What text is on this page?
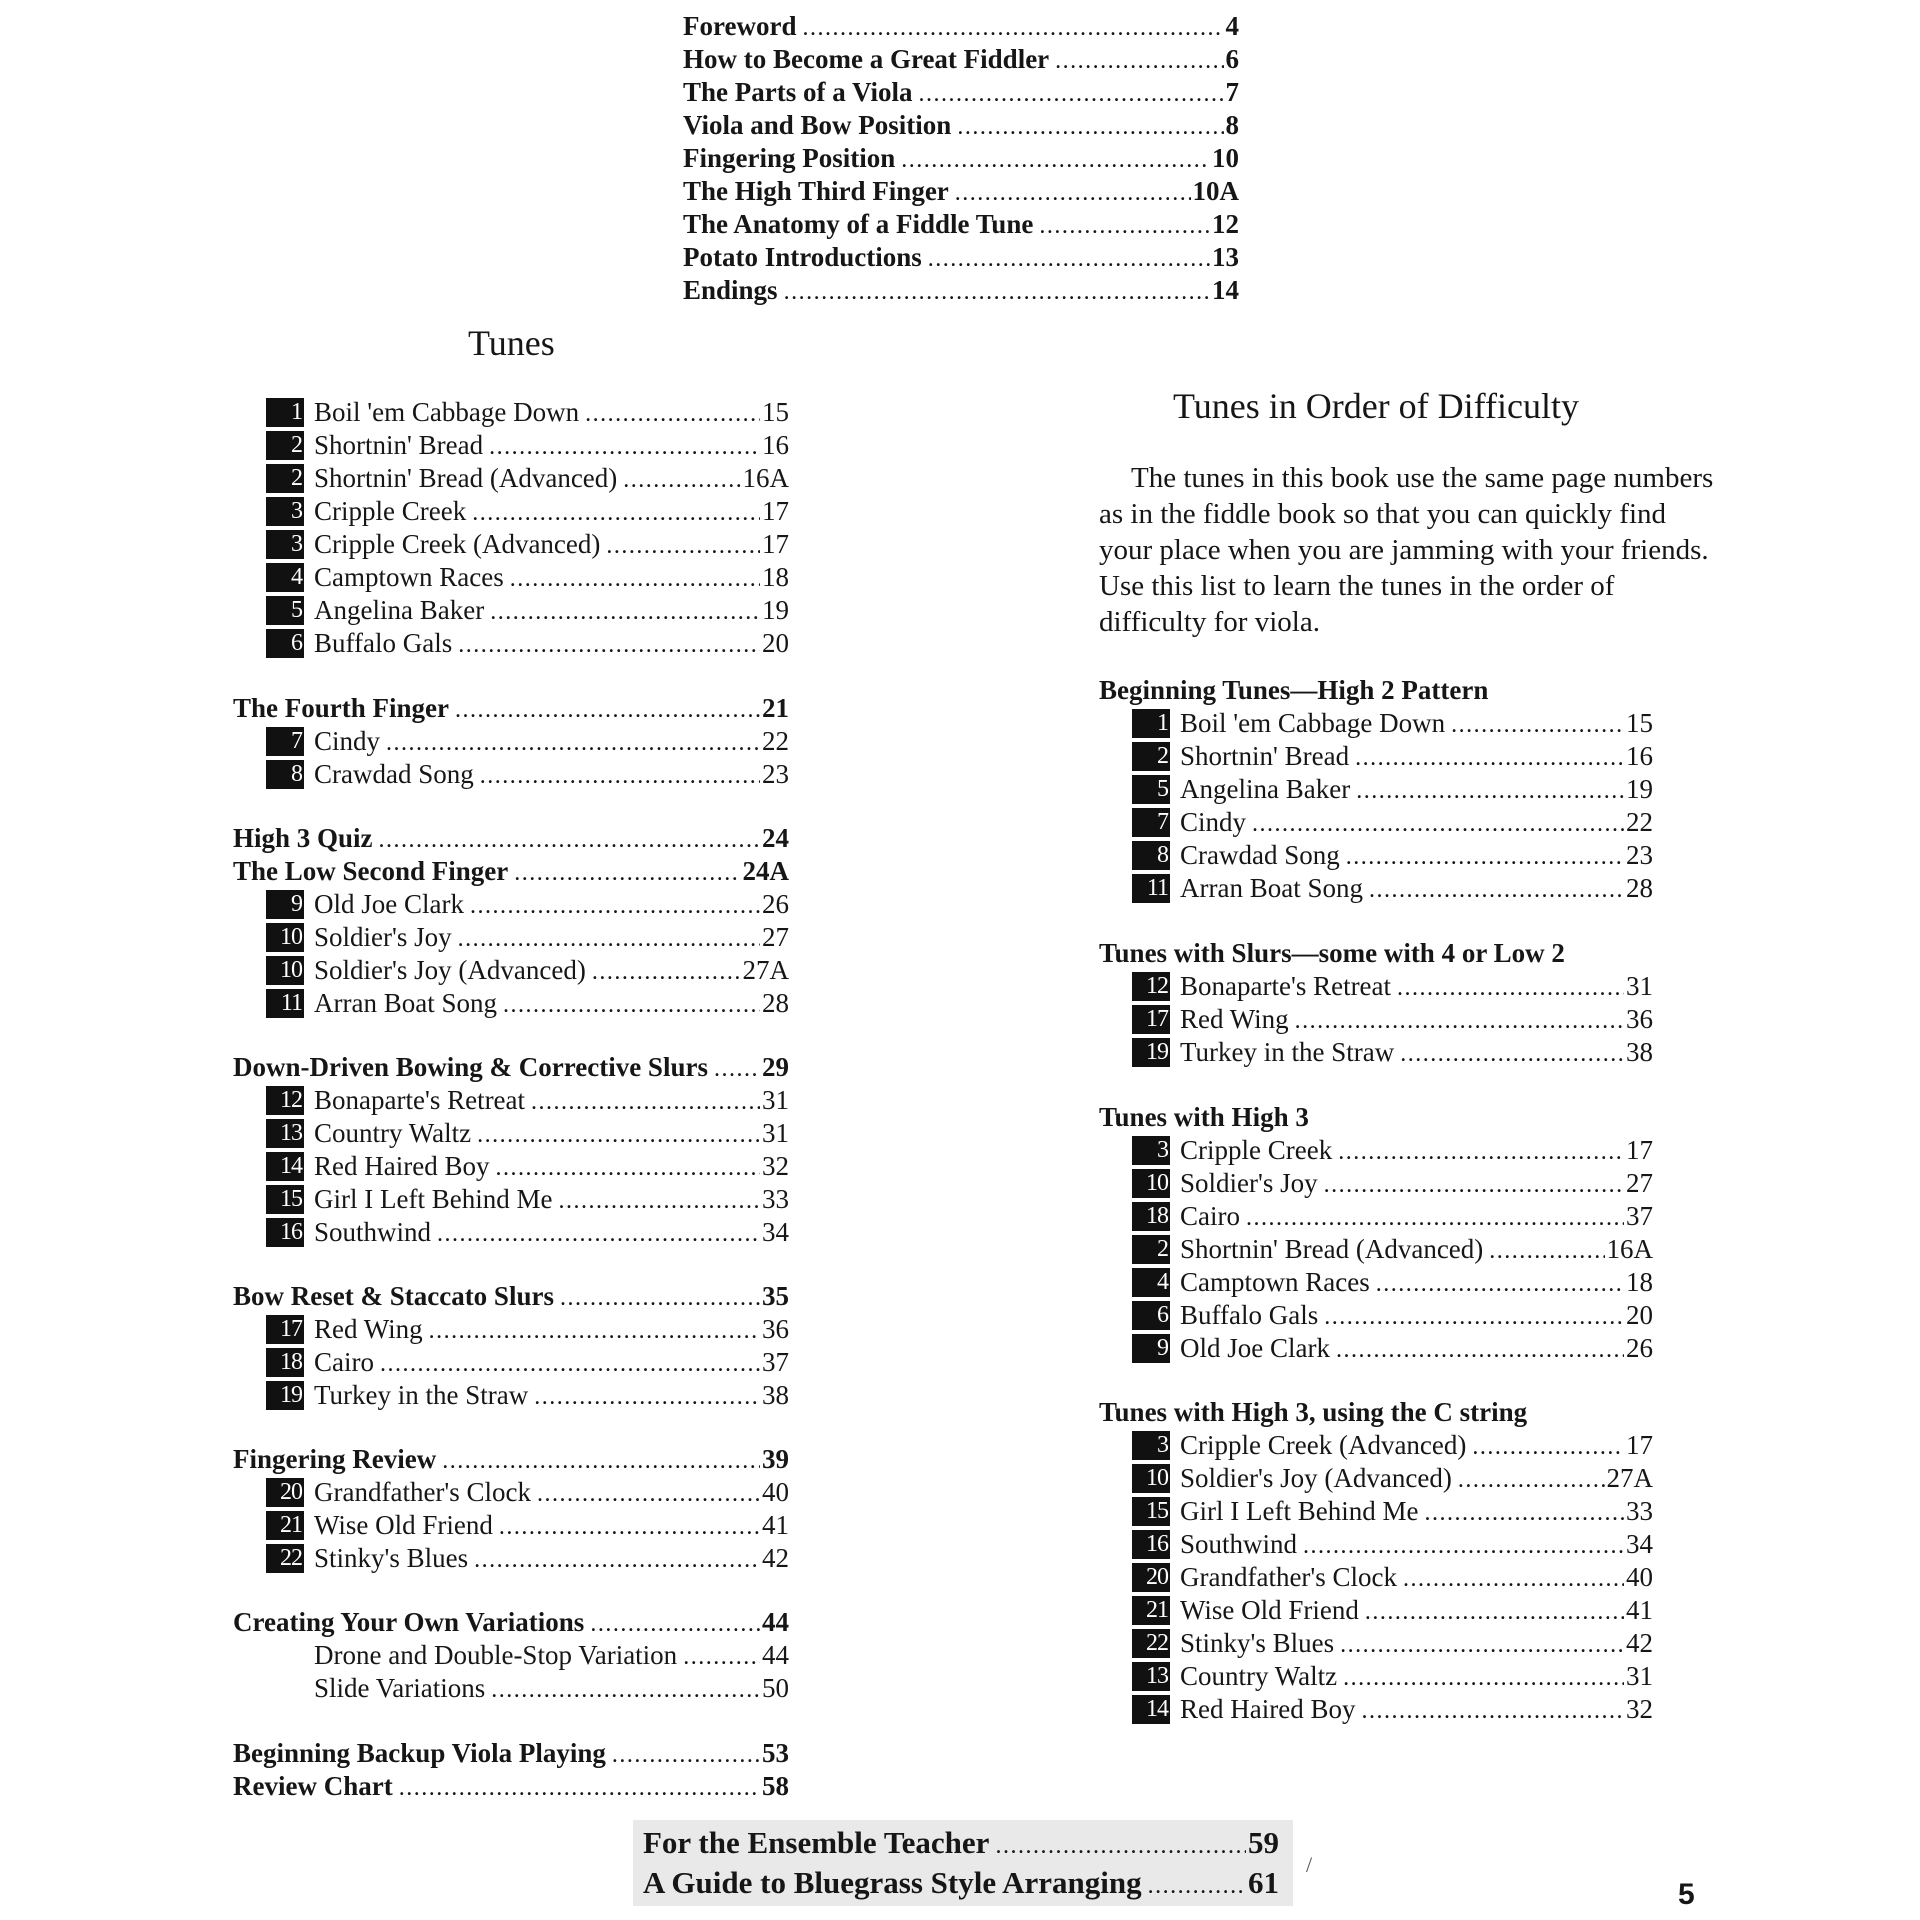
Foreword .....	4
How to Become a Great Fiddler .....	6
The Parts of a Viola .....	7
Viola and Bow Position .....	8
Fingering Position .....	10
The High Third Finger .....	10A
The Anatomy of a Fiddle Tune .....	12
Potato Introductions .....	13
Endings .....	14
Tunes
1 Boil 'em Cabbage Down .....	15
2 Shortnin' Bread .....	16
2 Shortnin' Bread (Advanced) .....	16A
3 Cripple Creek .....	17
3 Cripple Creek (Advanced) .....	17
4 Camptown Races .....	18
5 Angelina Baker .....	19
6 Buffalo Gals .....	20
The Fourth Finger .....	21
7 Cindy .....	22
8 Crawdad Song .....	23
High 3 Quiz .....	24
The Low Second Finger .....	24A
9 Old Joe Clark .....	26
10 Soldier's Joy .....	27
10 Soldier's Joy (Advanced) .....	27A
11 Arran Boat Song .....	28
Down-Driven Bowing & Corrective Slurs ..... 29
12 Bonaparte's Retreat .....	31
13 Country Waltz .....	31
14 Red Haired Boy .....	32
15 Girl I Left Behind Me .....	33
16 Southwind .....	34
Bow Reset & Staccato Slurs .....	35
17 Red Wing .....	36
18 Cairo .....	37
19 Turkey in the Straw .....	38
Fingering Review .....	39
20 Grandfather's Clock .....	40
21 Wise Old Friend .....	41
22 Stinky's Blues .....	42
Creating Your Own Variations .....	44
Drone and Double-Stop Variation .....	44
Slide Variations .....	50
Beginning Backup Viola Playing .....	53
Review Chart .....	58
Tunes in Order of Difficulty
The tunes in this book use the same page numbers as in the fiddle book so that you can quickly find your place when you are jamming with your friends. Use this list to learn the tunes in the order of difficulty for viola.
Beginning Tunes—High 2 Pattern
1 Boil 'em Cabbage Down .....	15
2 Shortnin' Bread .....	16
5 Angelina Baker .....	19
7 Cindy .....	22
8 Crawdad Song .....	23
11 Arran Boat Song .....	28
Tunes with Slurs—some with 4 or Low 2
12 Bonaparte's Retreat .....	31
17 Red Wing .....	36
19 Turkey in the Straw .....	38
Tunes with High 3
3 Cripple Creek .....	17
10 Soldier's Joy .....	27
18 Cairo .....	37
2 Shortnin' Bread (Advanced) .....	16A
4 Camptown Races .....	18
6 Buffalo Gals .....	20
9 Old Joe Clark .....	26
Tunes with High 3, using the C string
3 Cripple Creek (Advanced) .....	17
10 Soldier's Joy (Advanced) .....	27A
15 Girl I Left Behind Me .....	33
16 Southwind .....	34
20 Grandfather's Clock .....	40
21 Wise Old Friend .....	41
22 Stinky's Blues .....	42
13 Country Waltz .....	31
14 Red Haired Boy .....	32
For the Ensemble Teacher .....	59
A Guide to Bluegrass Style Arranging .....	61
/
5
